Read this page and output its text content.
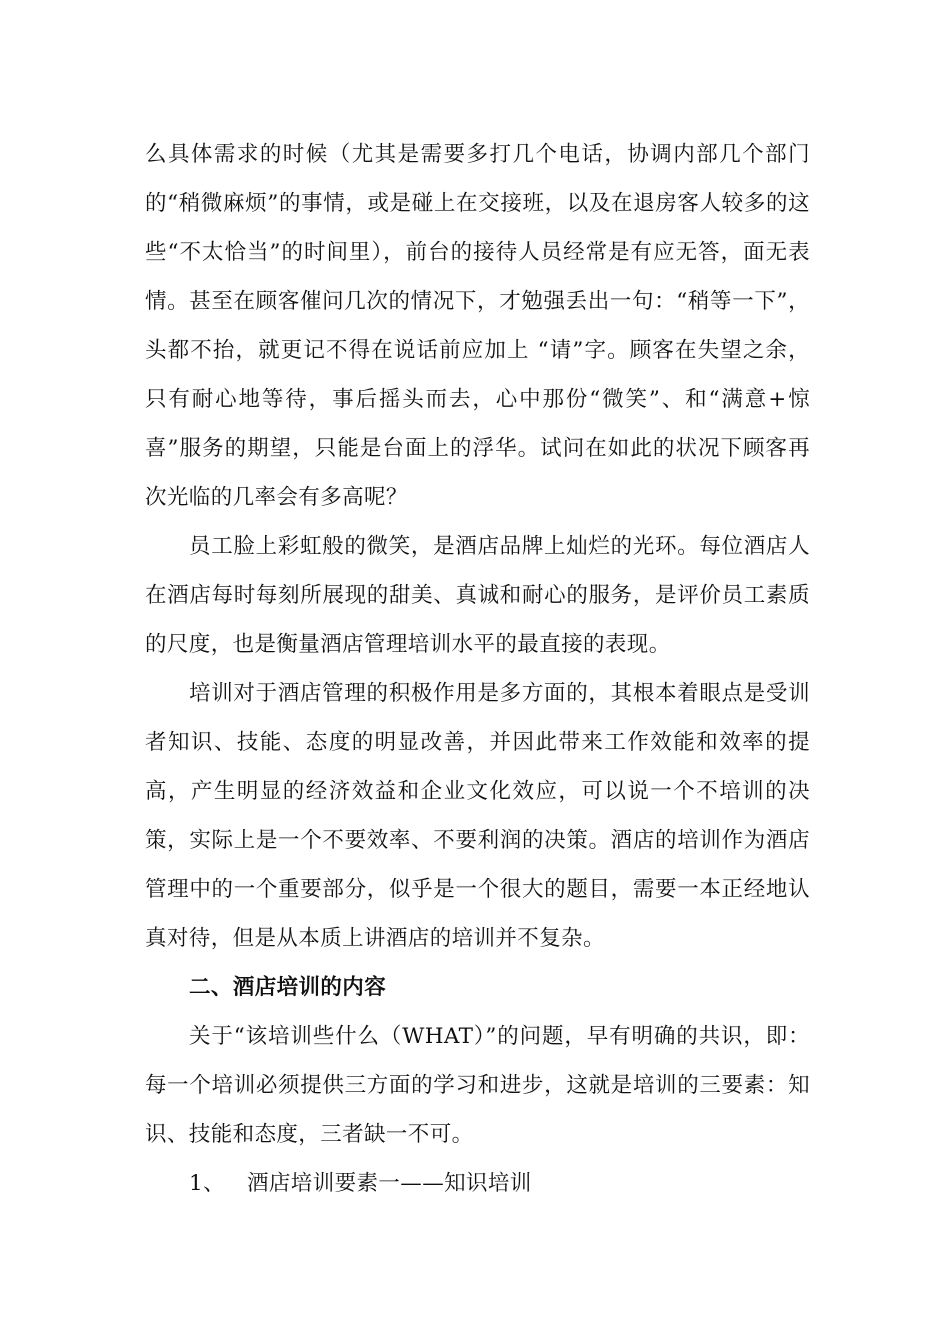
么具体需求的时候（尤其是需要多打几个电话，协调内部几个部门的“稍微麻烦”的事情，或是碰上在交接班，以及在退房客人较多的这些“不太恰当”的时间里），前台的接待人员经常是有应无答，面无表情。甚至在顾客催问几次的情况下，才勉强丢出一句：“稍等一下”，头都不抬，就更记不得在说话前应加上 “请”字。顾客在失望之余，只有耐心地等待，事后摇头而去，心中那份“微笑”、和“满意+惊喜”服务的期望，只能是台面上的浮华。试问在如此的状况下顾客再次光临的几率会有多高呢？

员工脸上彩虹般的微笑，是酒店品牌上灿烂的光环。每位酒店人在酒店每时每刻所展现的甜美、真诚和耐心的服务，是评价员工素质的尺度，也是衡量酒店管理培训水平的最直接的表现。

培训对于酒店管理的积极作用是多方面的，其根本着眼点是受训者知识、技能、态度的明显改善，并因此带来工作效能和效率的提高，产生明显的经济效益和企业文化效应，可以说一个不培训的决策，实际上是一个不要效率、不要利润的决策。酒店的培训作为酒店管理中的一个重要部分，似乎是一个很大的题目，需要一本正经地认真对待，但是从本质上讲酒店的培训并不复杂。

二、酒店培训的内容

关于“该培训些什么（WHAT）”的问题，早有明确的共识，即：每一个培训必须提供三方面的学习和进步，这就是培训的三要素：知识、技能和态度，三者缺一不可。

1、 酒店培训要素一——知识培训
